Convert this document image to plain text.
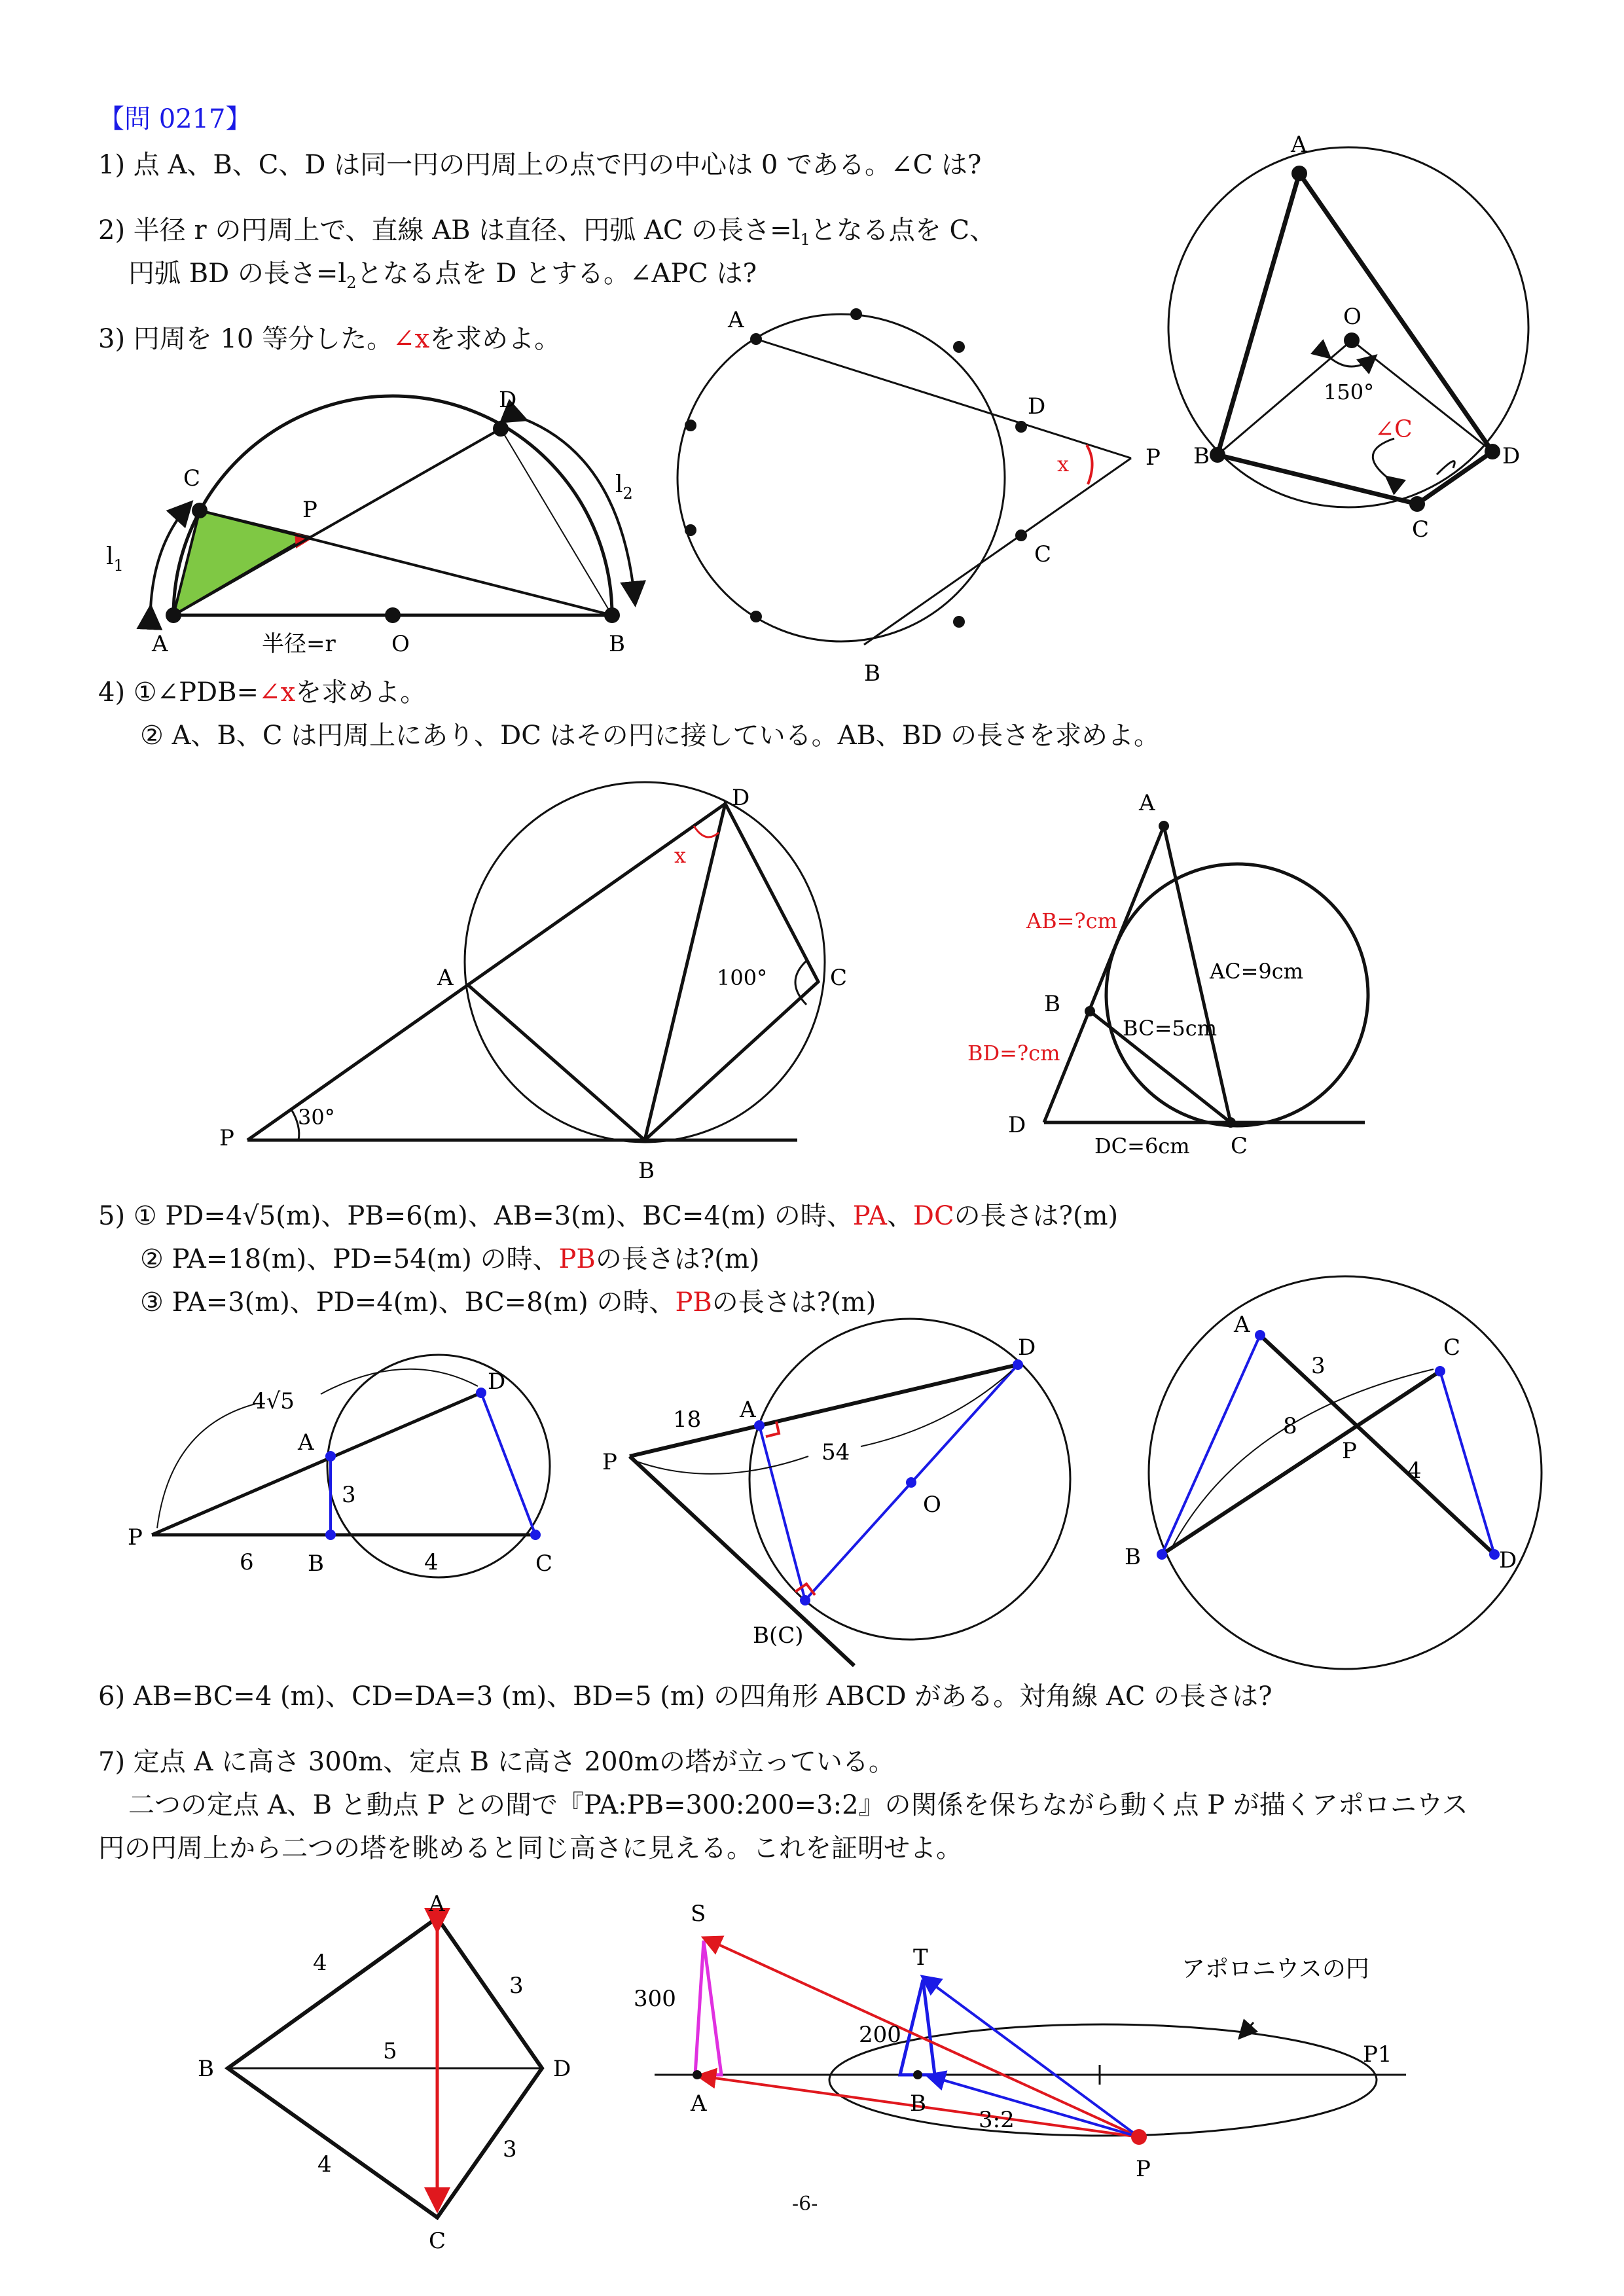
【問 0217】
1) 点 A、B、C、D は同一円の円周上の点で円の中心は 0 である。∠C は?
2) 半径 r の円周上で、直線 AB は直径、円弧 AC の長さ$=l_1$となる点を C、
円弧 BD の長さ$=l_2$となる点を D とする。∠APC は?
3) 円周を 10 等分した。∠xを求めよ。
4) ①∠PDB=∠xを求めよ。
② A、B、C は円周上にあり、DC はその円に接している。AB、BD の長さを求めよ。
5) ① PD=4√5(m)、PB=6(m)、AB=3(m)、BC=4(m) の時、PA、DCの長さは?(m)
② PA=18(m)、PD=54(m) の時、PBの長さは?(m)
③ PA=3(m)、PD=4(m)、BC=8(m) の時、PBの長さは?(m)
6) AB=BC=4 (m)、CD=DA=3 (m)、BD=5 (m) の四角形 ABCD がある。対角線 AC の長さは?
7) 定点 A に高さ 300m、定点 B に高さ 200mの塔が立っている。
二つの定点 A、B と動点 P との間で『PA:PB=300:200=3:2』の関係を保ちながら動く点 P が描くアポロニウス
円の円周上から二つの塔を眺めると同じ高さに見える。これを証明せよ。
-6-
A
B
C
D
O
150°
∠C
C
P
D
A	半径=r	O	B
$l_1$
$l_2$
A
D
C
B
P
x
D
x
A	C
100°
P
30°
B
A
AB=?cm
AC=9cm
B
BC=5cm
BD=?cm
D
DC=6cm C
4√5
D
A
3
P
6 B	4	C
D
18 A
P	54
O
B(C)
A
C
3
8
P
4
B	D
A
4
3
B
5
D
4
3
C
S
T
300
200
A	B
3:2
P
P1
アポロニウスの円
